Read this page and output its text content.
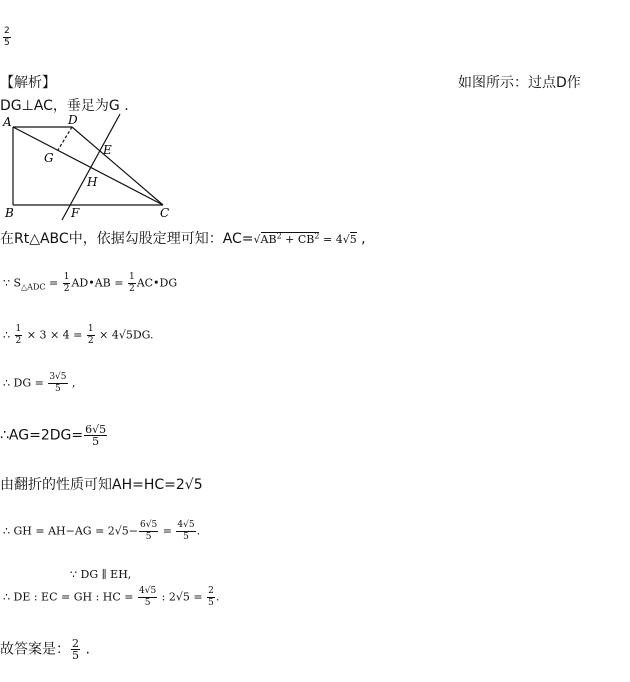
$\frac{2}{5}$
【解析】	如图所示：过点D作
DG⊥AC，垂足为G .
A	D
G
E
H
B	F	C
在Rt△ABC中，依据勾股定理可知：$AC=√AB^2 + CB^2 = 4√5$ ,
∵ $S_{\triangle ADC} = \frac{1}{2}$ AD•AB = $\frac{1}{2}$ AC•DG
∴ $\frac{1}{2} \times 3 \times 4 = \frac{1}{2} \times 4√5DG$.
∴ DG = $\frac{3√5}{5}$ ,
∴AG=2DG= $\frac{6√5}{5}$
由翻折的性质可知AH=HC=2√5
∴ GH = $AH-AG = 2√5- \frac{6√5}{5} = \frac{4√5}{5}$ .
∵ DG ∥ EH,
∴ DE : EC = GH : HC = $\frac{4√5}{5}$ : $2√5 = \frac{2}{5}$ .
故答案是： $\frac{2}{5}$ .
